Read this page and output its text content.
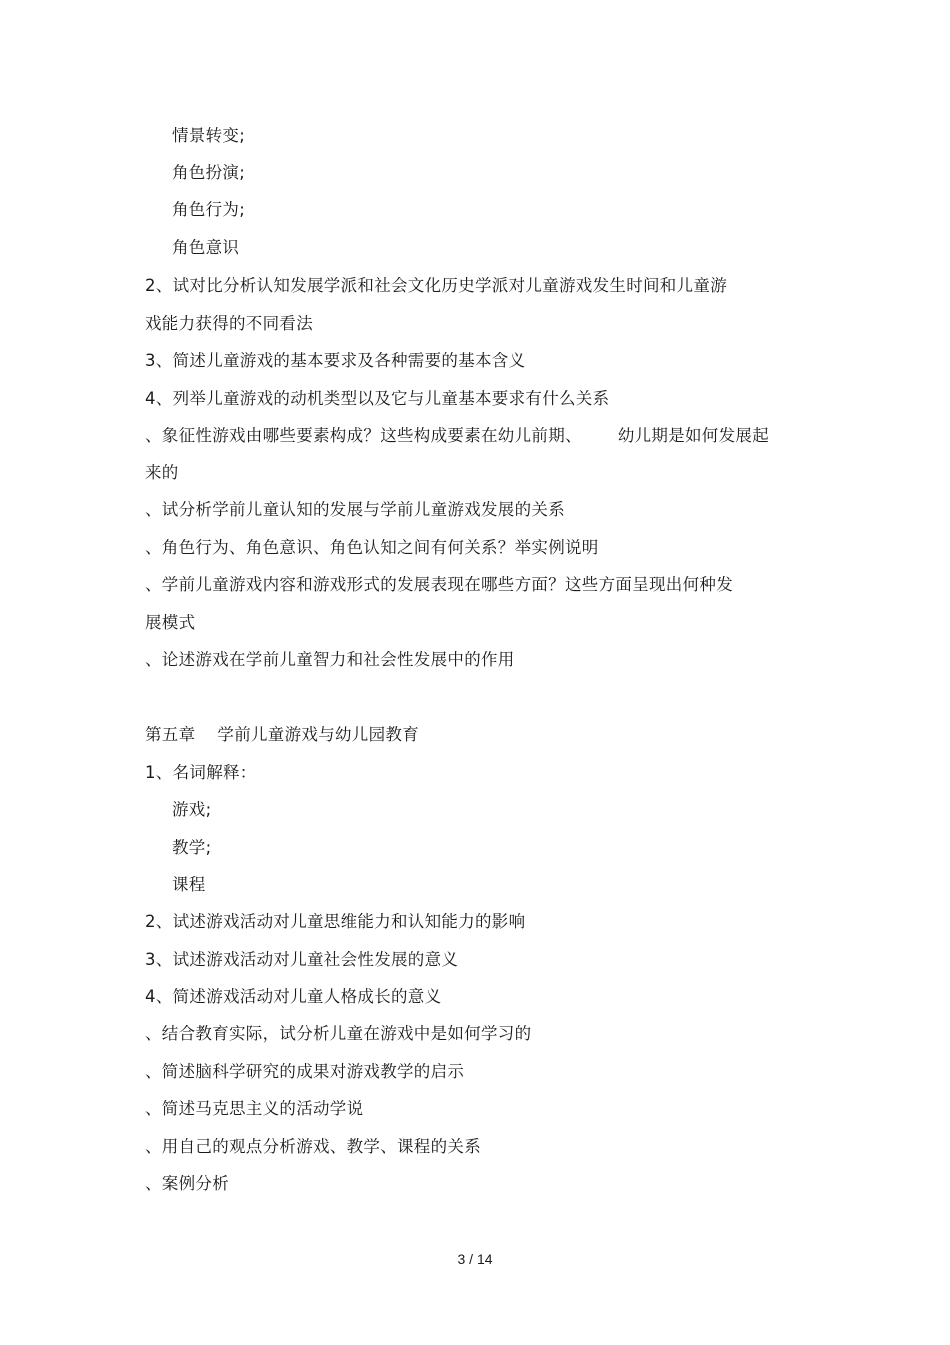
情景转变;
角色扮演;
角色行为;
角色意识
2、试对比分析认知发展学派和社会文化历史学派对儿童游戏发生时间和儿童游
戏能力获得的不同看法
3、简述儿童游戏的基本要求及各种需要的基本含义
4、列举儿童游戏的动机类型以及它与儿童基本要求有什么关系
、象征性游戏由哪些要素构成？这些构成要素在幼儿前期、 幼儿期是如何发展起
来的
、试分析学前儿童认知的发展与学前儿童游戏发展的关系
、角色行为、角色意识、角色认知之间有何关系？举实例说明
、学前儿童游戏内容和游戏形式的发展表现在哪些方面？这些方面呈现出何种发
展模式
、论述游戏在学前儿童智力和社会性发展中的作用
第五章 学前儿童游戏与幼儿园教育
1、名词解释：
游戏;
教学;
课程
2、试述游戏活动对儿童思维能力和认知能力的影响
3、试述游戏活动对儿童社会性发展的意义
4、简述游戏活动对儿童人格成长的意义
、结合教育实际，试分析儿童在游戏中是如何学习的
、简述脑科学研究的成果对游戏教学的启示
、简述马克思主义的活动学说
、用自己的观点分析游戏、教学、课程的关系
、案例分析
3 / 14
